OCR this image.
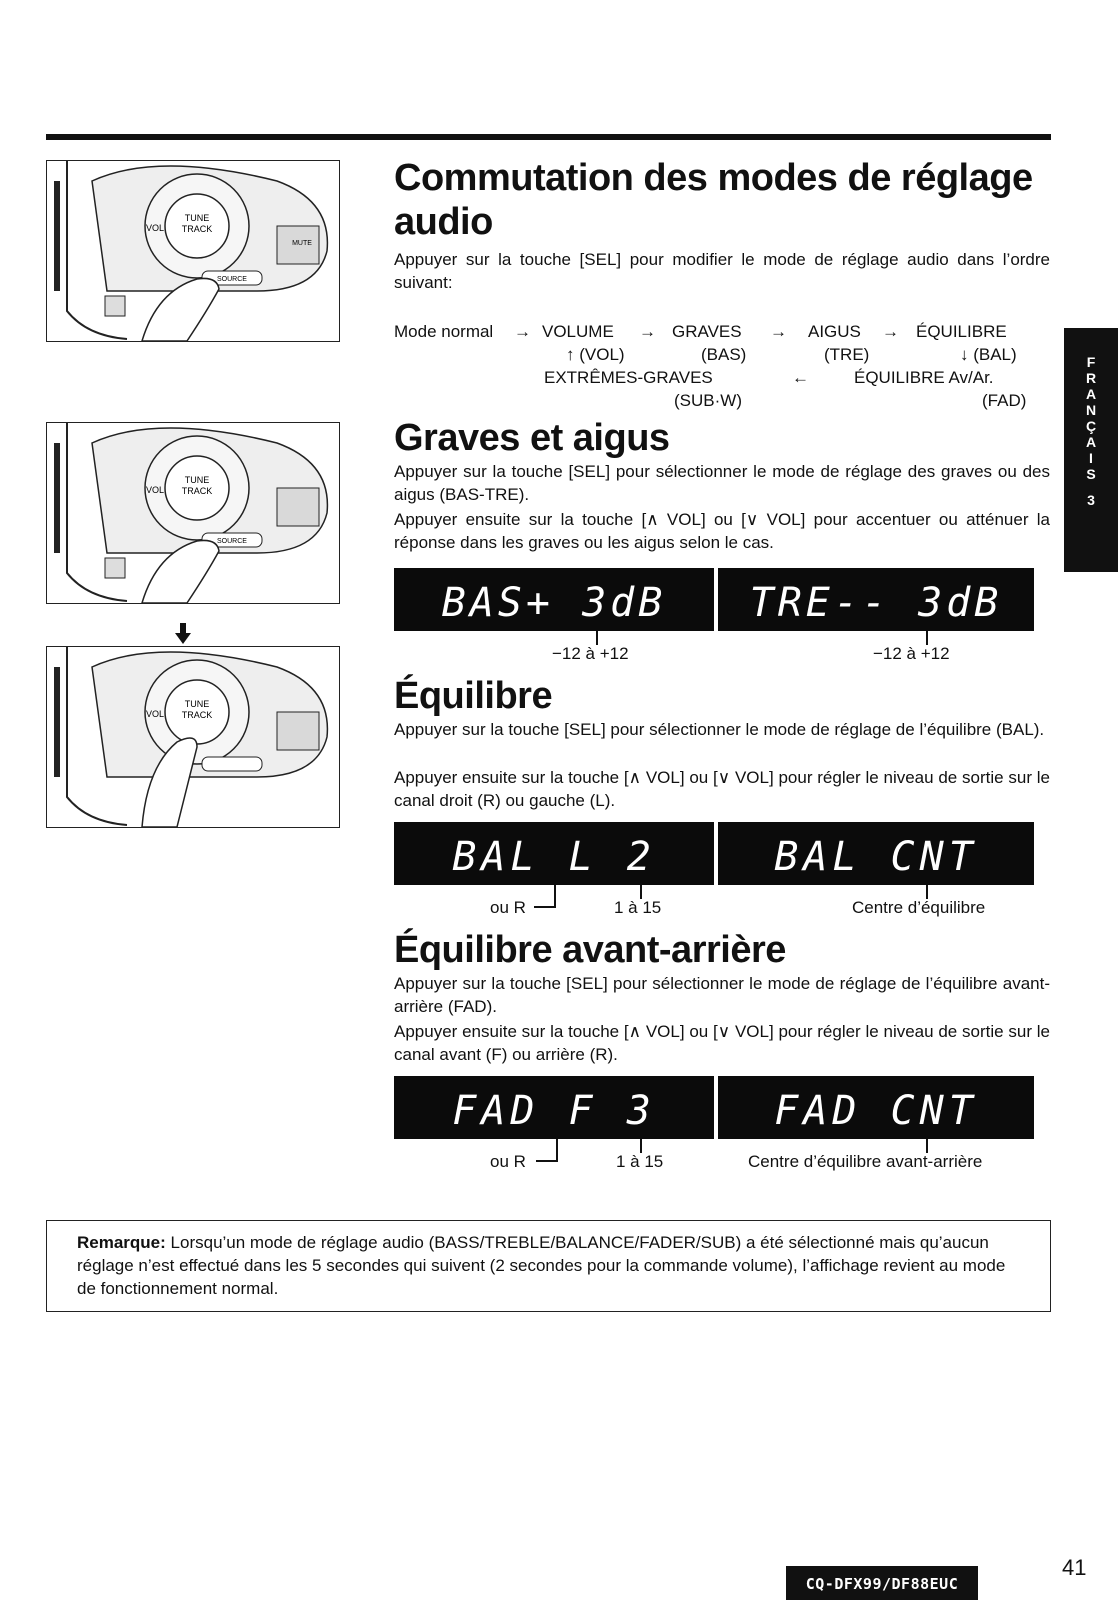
TUNE
TRACK
VOL
SOURCE
MUTE
TUNE
TRACK
VOL
SOURCE
TUNE
TRACK
VOL
Commutation des modes de réglage audio

Appuyer sur la touche [SEL] pour modifier le mode de réglage audio dans l’ordre suivant:

Mode normal → VOLUME → GRAVES → AIGUS → ÉQUILIBRE
↑ (VOL)	(BAS)	(TRE)	↓ (BAL)
EXTRÊMES-GRAVES	←	ÉQUILIBRE Av/Ar.
(SUB·W)	(FAD)
Graves et aigus

Appuyer sur la touche [SEL] pour sélectionner le mode de réglage des graves ou des aigus (BAS-TRE).

Appuyer ensuite sur la touche [∧ VOL] ou [∨ VOL] pour accentuer ou atténuer la réponse dans les graves ou les aigus selon le cas.

BAS+ 3dB TRE-- 3dB
−12 à +12	−12 à +12
Équilibre

Appuyer sur la touche [SEL] pour sélectionner le mode de réglage de l’équilibre (BAL).

Appuyer ensuite sur la touche [∧ VOL] ou [∨ VOL] pour régler le niveau de sortie sur le canal droit (R) ou gauche (L).

BAL L 2	BAL CNT
ou R	1 à 15	Centre d’équilibre
Équilibre avant-arrière

Appuyer sur la touche [SEL] pour sélectionner le mode de réglage de l’équilibre avant-arrière (FAD).

Appuyer ensuite sur la touche [∧ VOL] ou [∨ VOL] pour régler le niveau de sortie sur le canal avant (F) ou arrière (R).

FAD F 3	FAD CNT
ou R	1 à 15	Centre d’équilibre avant-arrière
Remarque: Lorsqu’un mode de réglage audio (BASS/TREBLE/BALANCE/FADER/SUB) a été sélectionné mais qu’aucun réglage n’est effectué dans les 5 secondes qui suivent (2 secondes pour la commande volume), l’affichage revient au mode de fonctionnement normal.
F
R
A
N
Ç
A
I
S
3
CQ-DFX99/DF88EUC
41
